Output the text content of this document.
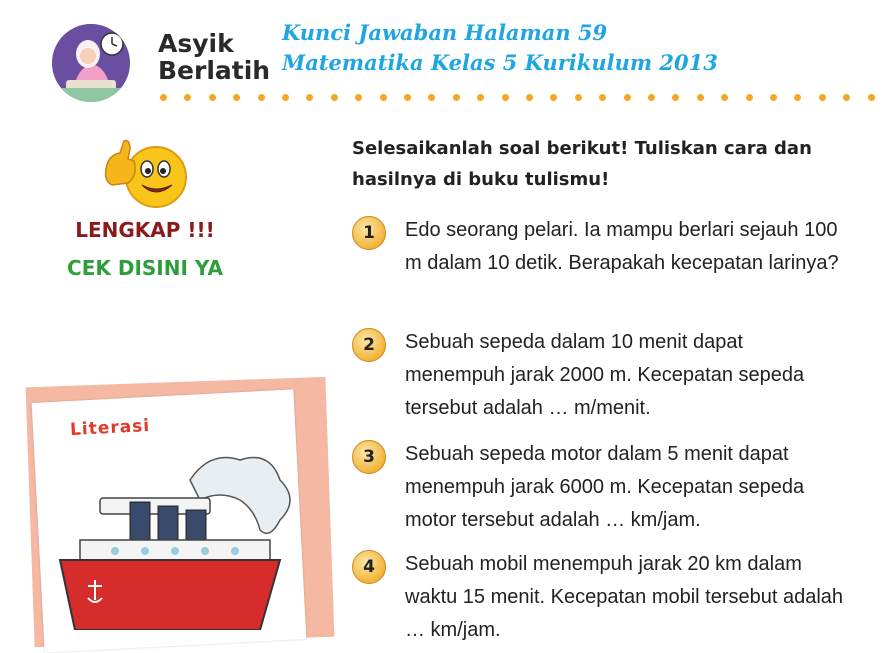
Asyik
Berlatih
Kunci Jawaban Halaman 59
Matematika Kelas 5 Kurikulum 2013
LENGKAP !!!
CEK DISINI YA
Literasi
Selesaikanlah soal berikut! Tuliskan cara dan hasilnya di buku tulismu!
1	Edo seorang pelari. Ia mampu berlari sejauh 100 m dalam 10 detik. Berapakah kecepatan larinya?
2	Sebuah sepeda dalam 10 menit dapat menempuh jarak 2000 m. Kecepatan sepeda tersebut adalah … m/menit.
3	Sebuah sepeda motor dalam 5 menit dapat menempuh jarak 6000 m. Kecepatan sepeda motor tersebut adalah … km/jam.
4	Sebuah mobil menempuh jarak 20 km dalam waktu 15 menit. Kecepatan mobil tersebut adalah … km/jam.
